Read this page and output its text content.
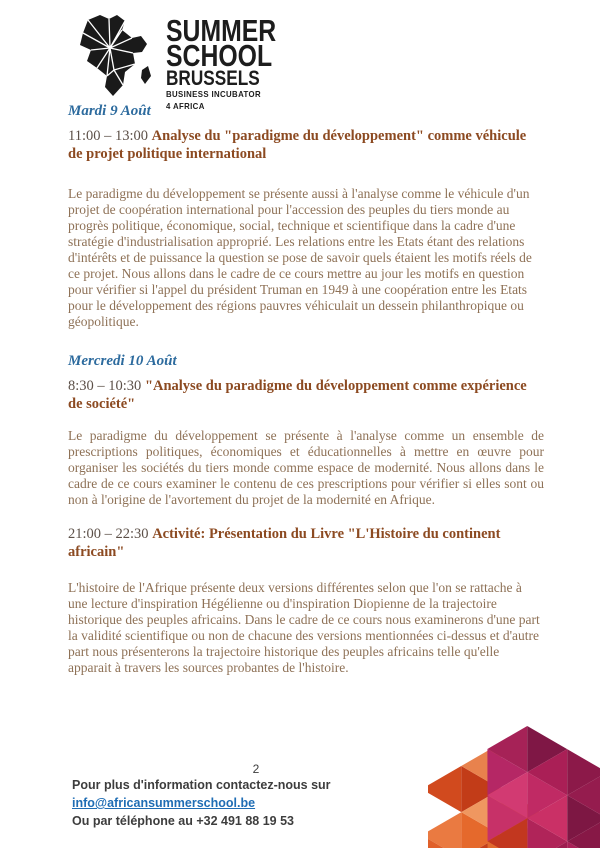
SUMMER
SCHOOL
BRUSSELS
BUSINESS INCUBATOR
4 AFRICA
Mardi 9 Août
11:00 – 13:00 Analyse du "paradigme du développement" comme véhicule de projet politique international

Le paradigme du développement se présente aussi à l'analyse comme le véhicule d'un projet de coopération international pour l'accession des peuples du tiers monde au progrès politique, économique, social, technique et scientifique dans la cadre d'une stratégie d'industrialisation approprié. Les relations entre les Etats étant des relations d'intérêts et de puissance la question se pose de savoir quels étaient les motifs réels de ce projet. Nous allons dans le cadre de ce cours mettre au jour les motifs en question pour vérifier si l'appel du président Truman en 1949 à une coopération entre les Etats pour le développement des régions pauvres véhiculait un dessein philanthropique ou géopolitique.

Mercredi 10 Août
8:30 – 10:30 "Analyse du paradigme du développement comme expérience de société"

Le paradigme du développement se présente à l'analyse comme un ensemble de prescriptions politiques, économiques et éducationnelles à mettre en œuvre pour organiser les sociétés du tiers monde comme espace de modernité. Nous allons dans le cadre de ce cours examiner le contenu de ces prescriptions pour vérifier si elles sont ou non à l'origine de l'avortement du projet de la modernité en Afrique.

21:00 – 22:30 Activité: Présentation du Livre "L'Histoire du continent africain"

L'histoire de l'Afrique présente deux versions différentes selon que l'on se rattache à une lecture d'inspiration Hégélienne ou d'inspiration Diopienne de la trajectoire historique des peuples africains. Dans le cadre de ce cours nous examinerons d'une part la validité scientifique ou non de chacune des versions mentionnées ci-dessus et d'autre part nous présenterons la trajectoire historique des peuples africains telle qu'elle apparait à travers les sources probantes de l'histoire.

2
Pour plus d'information contactez-nous sur info@africansummerschool.be
Ou par téléphone au +32 491 88 19 53
